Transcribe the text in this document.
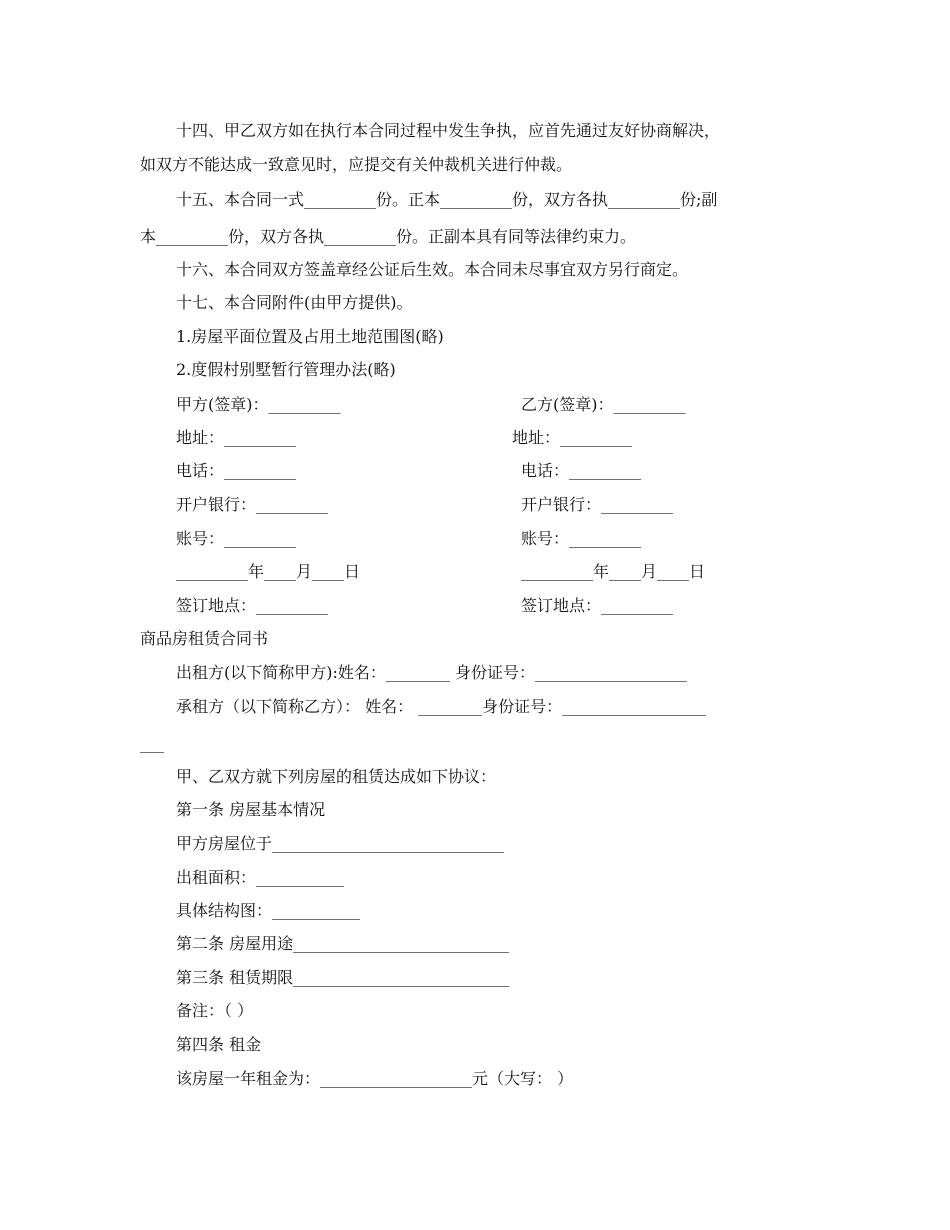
十四、甲乙双方如在执行本合同过程中发生争执，应首先通过友好协商解决，
如双方不能达成一致意见时，应提交有关仲裁机关进行仲裁。
十五、本合同一式_________份。正本_________份，双方各执_________份;副
本_________份，双方各执_________份。正副本具有同等法律约束力。
十六、本合同双方签盖章经公证后生效。本合同未尽事宜双方另行商定。
十七、本合同附件(由甲方提供)。
1.房屋平面位置及占用土地范围图(略)
2.度假村别墅暂行管理办法(略)
甲方(签章)：_________	乙方(签章)：_________
地址：_________	地址：_________
电话：_________	电话：_________
开户银行：_________	开户银行：_________
账号：_________	账号：_________
_________年____月____日	_________年____月____日
签订地点：_________	签订地点：_________
商品房租赁合同书
出租方(以下简称甲方):姓名：________ 身份证号：___________________
承租方（以下简称乙方）： 姓名： ________身份证号：__________________
___
甲、乙双方就下列房屋的租赁达成如下协议：
第一条 房屋基本情况
甲方房屋位于_____________________________
出租面积：___________
具体结构图：___________
第二条 房屋用途___________________________
第三条 租赁期限___________________________
备注：（ ）
第四条 租金
该房屋一年租金为：___________________元（大写： ）
